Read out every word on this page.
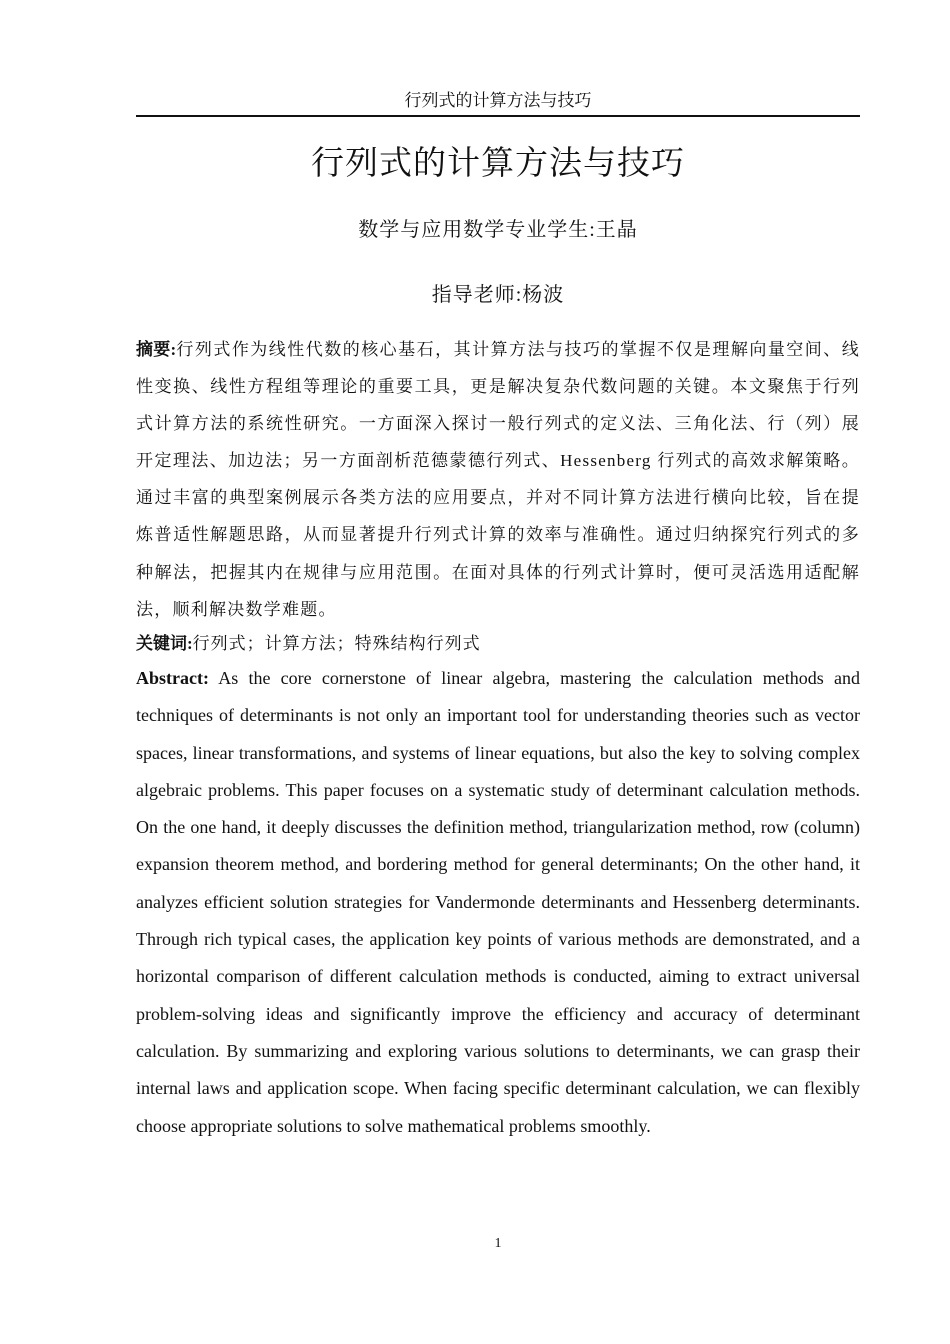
行列式的计算方法与技巧
行列式的计算方法与技巧
数学与应用数学专业学生:王晶
指导老师:杨波
摘要:行列式作为线性代数的核心基石，其计算方法与技巧的掌握不仅是理解向量空间、线性变换、线性方程组等理论的重要工具，更是解决复杂代数问题的关键。本文聚焦于行列式计算方法的系统性研究。一方面深入探讨一般行列式的定义法、三角化法、行（列）展开定理法、加边法；另一方面剖析范德蒙德行列式、Hessenberg 行列式的高效求解策略。通过丰富的典型案例展示各类方法的应用要点，并对不同计算方法进行横向比较，旨在提炼普适性解题思路，从而显著提升行列式计算的效率与准确性。通过归纳探究行列式的多种解法，把握其内在规律与应用范围。在面对具体的行列式计算时，便可灵活选用适配解法，顺利解决数学难题。
关键词:行列式；计算方法；特殊结构行列式
Abstract: As the core cornerstone of linear algebra, mastering the calculation methods and techniques of determinants is not only an important tool for understanding theories such as vector spaces, linear transformations, and systems of linear equations, but also the key to solving complex algebraic problems. This paper focuses on a systematic study of determinant calculation methods. On the one hand, it deeply discusses the definition method, triangularization method, row (column) expansion theorem method, and bordering method for general determinants; On the other hand, it analyzes efficient solution strategies for Vandermonde determinants and Hessenberg determinants. Through rich typical cases, the application key points of various methods are demonstrated, and a horizontal comparison of different calculation methods is conducted, aiming to extract universal problem-solving ideas and significantly improve the efficiency and accuracy of determinant calculation. By summarizing and exploring various solutions to determinants, we can grasp their internal laws and application scope. When facing specific determinant calculation, we can flexibly choose appropriate solutions to solve mathematical problems smoothly.
1
